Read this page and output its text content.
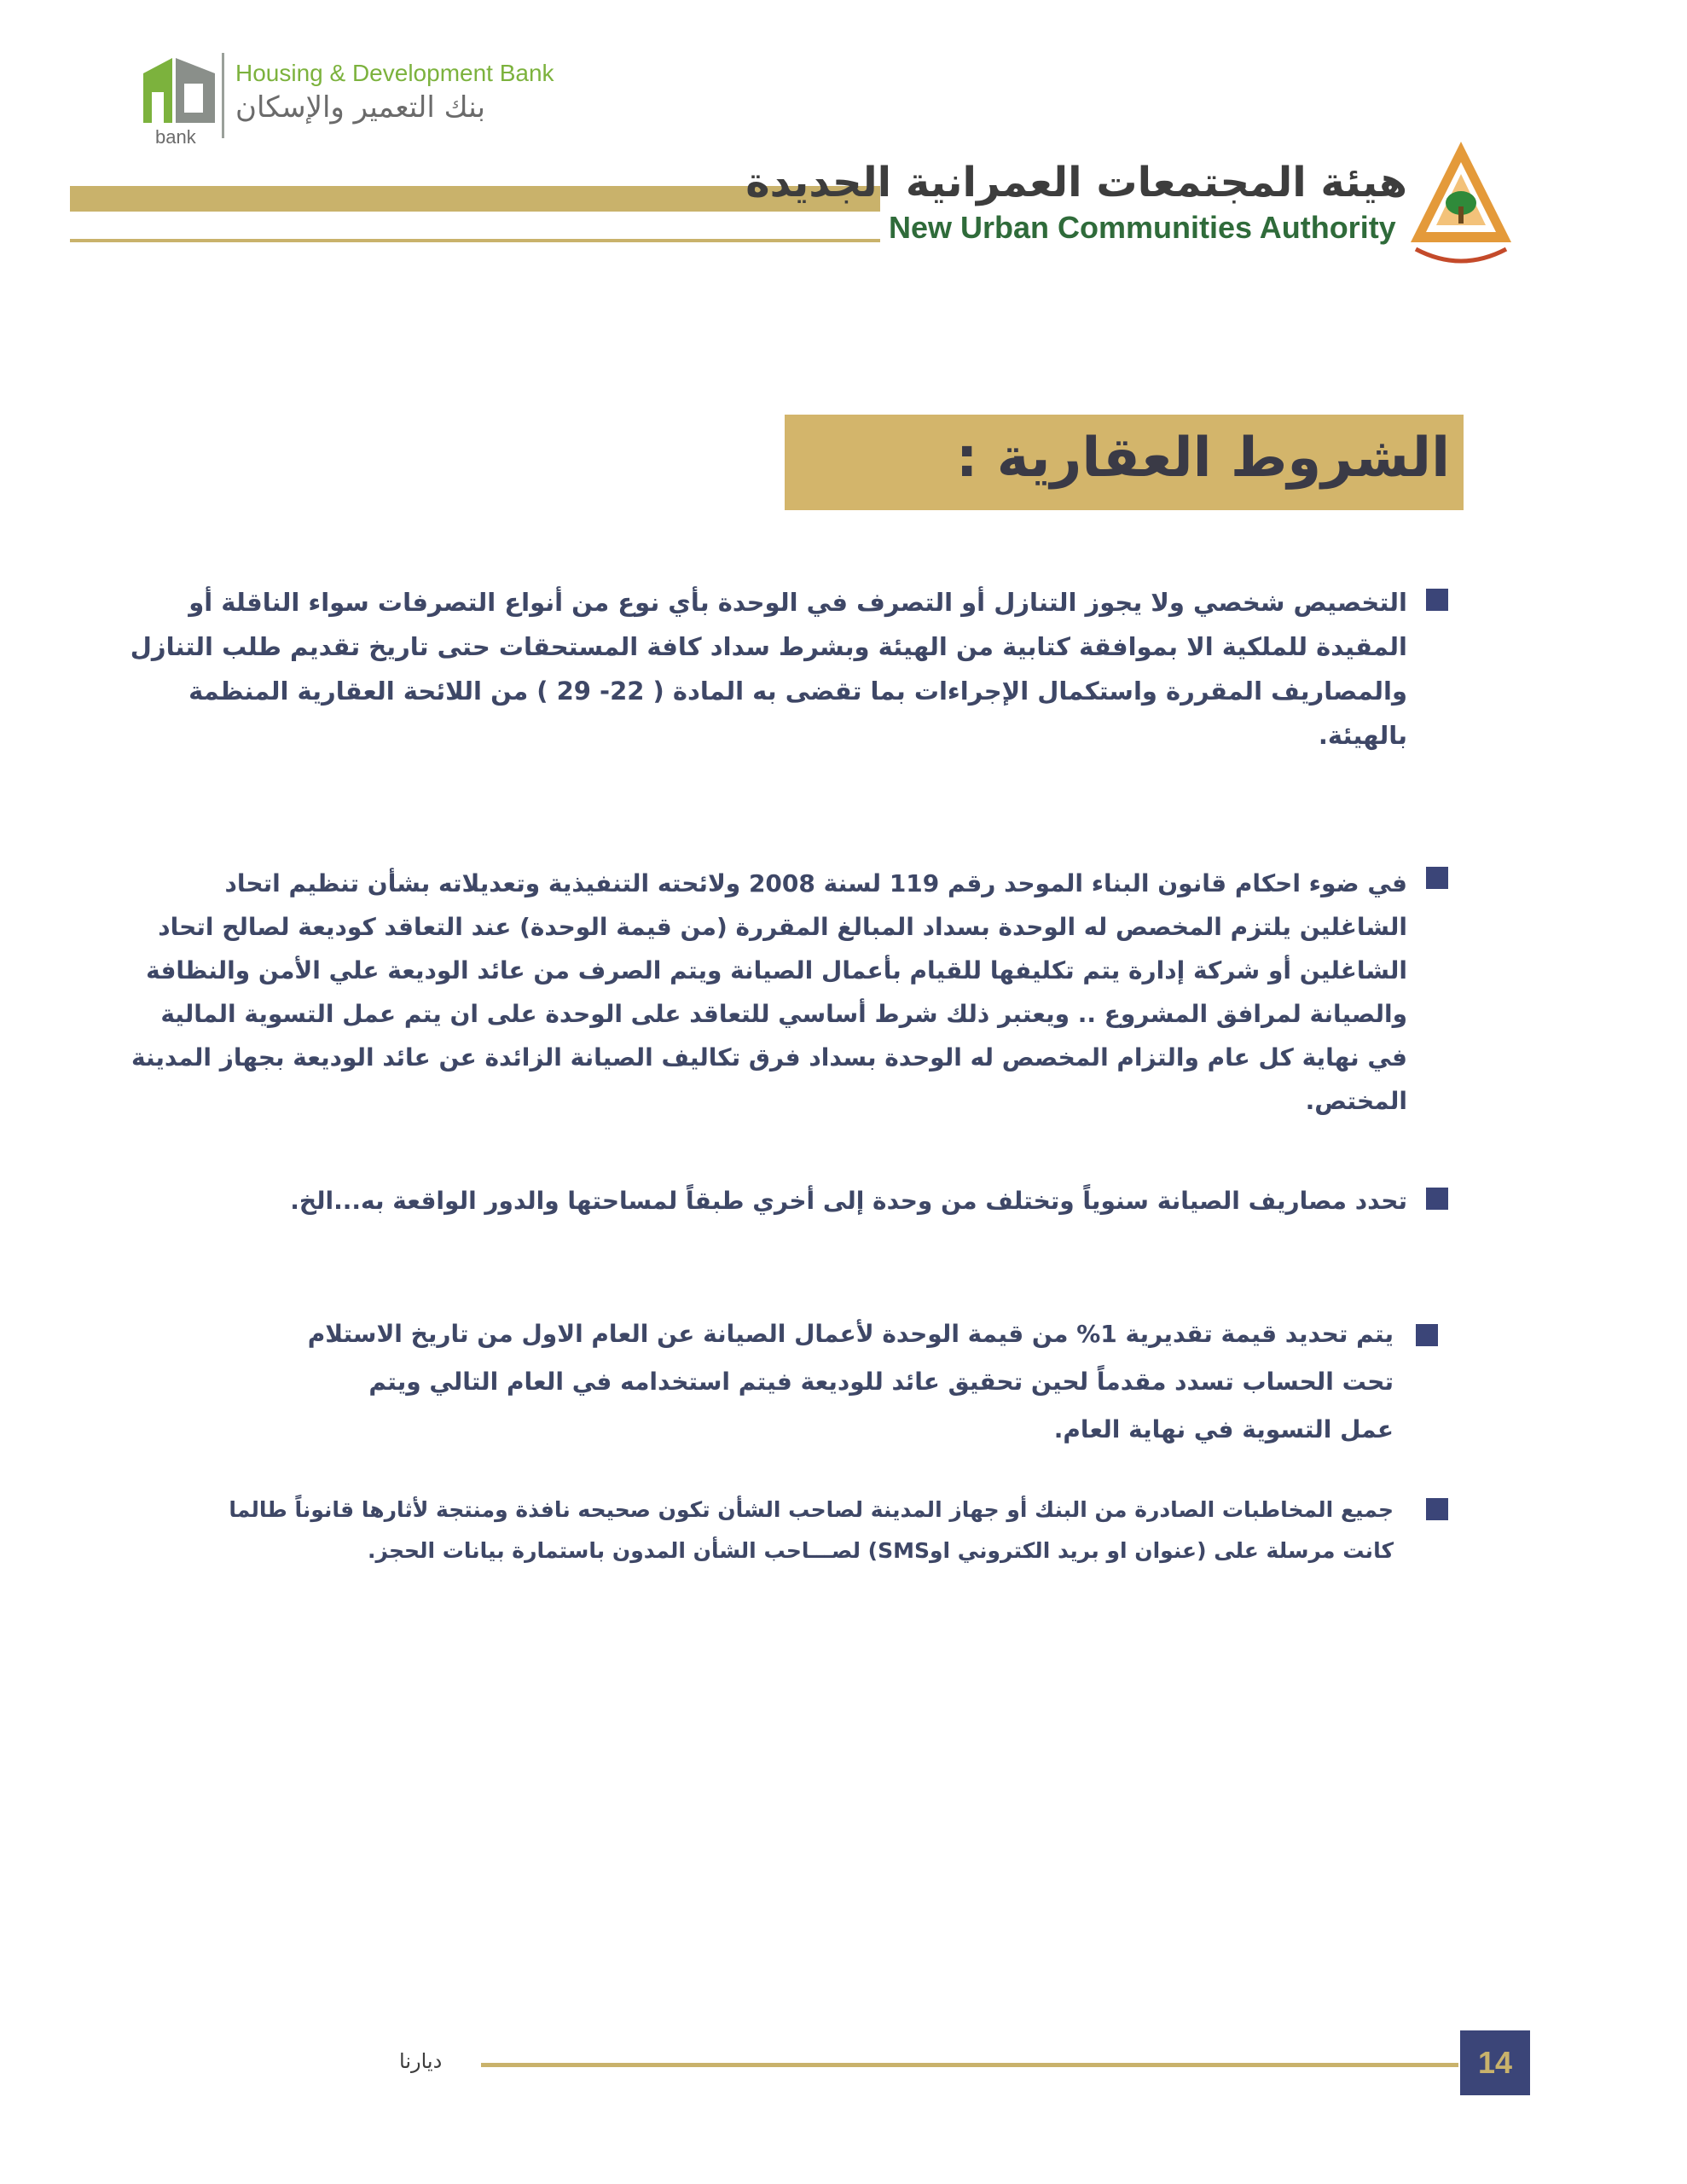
bank
Housing & Development Bank
بنك التعمير والإسكان
هيئة المجتمعات العمرانية الجديدة
New Urban Communities Authority
الشروط العقارية :

التخصيص شخصي ولا يجوز التنازل أو التصرف في الوحدة بأي نوع من أنواع التصرفات سواء الناقلة أو المقيدة للملكية الا بموافقة كتابية من الهيئة وبشرط سداد كافة المستحقات حتى تاريخ تقديم طلب التنازل والمصاريف المقررة واستكمال الإجراءات بما تقضى به المادة ( 22- 29 ) من اللائحة العقارية المنظمة بالهيئة.

في ضوء احكام قانون البناء الموحد رقم 119 لسنة 2008 ولائحته التنفيذية وتعديلاته بشأن تنظيم اتحاد الشاغلين يلتزم المخصص له الوحدة بسداد المبالغ المقررة (من قيمة الوحدة) عند التعاقد كوديعة لصالح اتحاد الشاغلين أو شركة إدارة يتم تكليفها للقيام بأعمال الصيانة ويتم الصرف من عائد الوديعة علي الأمن والنظافة والصيانة لمرافق المشروع .. ويعتبر ذلك شرط أساسي للتعاقد على الوحدة على ان يتم عمل التسوية المالية في نهاية كل عام والتزام المخصص له الوحدة بسداد فرق تكاليف الصيانة الزائدة عن عائد الوديعة بجهاز المدينة المختص.

تحدد مصاريف الصيانة سنوياً وتختلف من وحدة إلى أخري طبقاً لمساحتها والدور الواقعة به...الخ.

يتم تحديد قيمة تقديرية 1% من قيمة الوحدة لأعمال الصيانة عن العام الاول من تاريخ الاستلام تحت الحساب تسدد مقدماً لحين تحقيق عائد للوديعة فيتم استخدامه في العام التالي ويتم عمل التسوية في نهاية العام.

جميع المخاطبات الصادرة من البنك أو جهاز المدينة لصاحب الشأن تكون صحيحه نافذة ومنتجة لأثارها قانوناً طالما كانت مرسلة على (عنوان او بريد الكتروني اوSMS) لصـــاحب الشأن المدون باستمارة بيانات الحجز.

ديارنا	14
